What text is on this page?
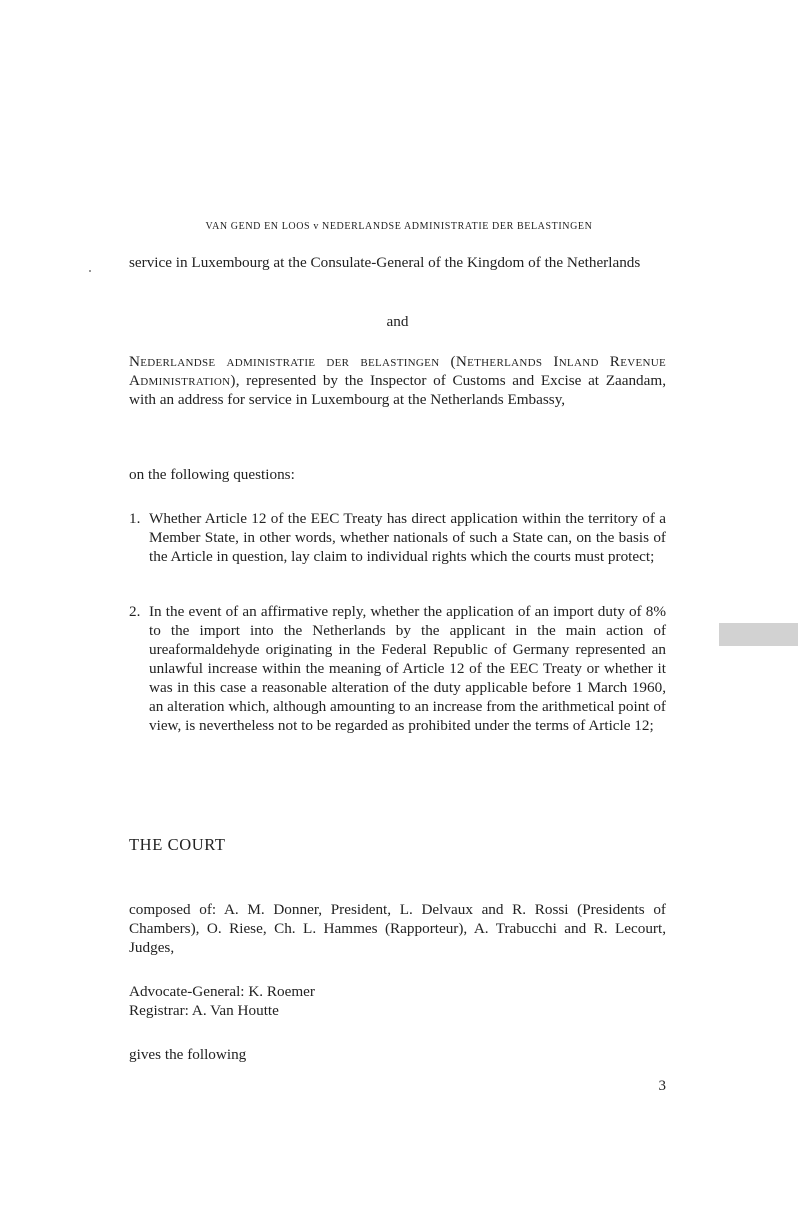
VAN GEND EN LOOS v NEDERLANDSE ADMINISTRATIE DER BELASTINGEN
service in Luxembourg at the Consulate-General of the Kingdom of the Netherlands
and
Nederlandse administratie der belastingen (Netherlands Inland Revenue Administration), represented by the Inspector of Customs and Excise at Zaandam, with an address for service in Luxembourg at the Netherlands Embassy,
on the following questions:
1. Whether Article 12 of the EEC Treaty has direct application within the territory of a Member State, in other words, whether nationals of such a State can, on the basis of the Article in question, lay claim to individual rights which the courts must protect;
2. In the event of an affirmative reply, whether the application of an import duty of 8% to the import into the Netherlands by the applicant in the main action of ureaformaldehyde originating in the Federal Republic of Germany represented an unlawful increase within the meaning of Article 12 of the EEC Treaty or whether it was in this case a reasonable alteration of the duty applicable before 1 March 1960, an alteration which, although amounting to an increase from the arithmetical point of view, is nevertheless not to be regarded as prohibited under the terms of Article 12;
THE COURT
composed of: A. M. Donner, President, L. Delvaux and R. Rossi (Presidents of Chambers), O. Riese, Ch. L. Hammes (Rapporteur), A. Trabucchi and R. Lecourt, Judges,
Advocate-General: K. Roemer
Registrar: A. Van Houtte
gives the following
3
